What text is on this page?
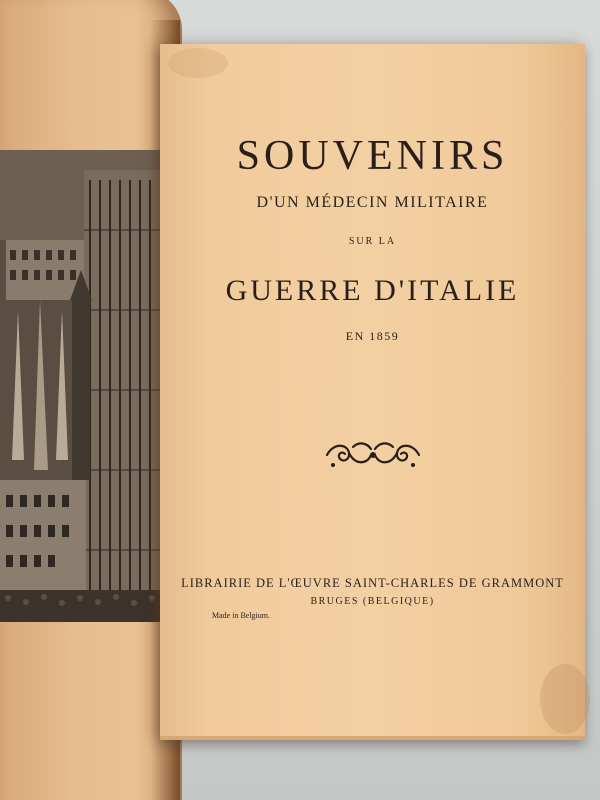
SOUVENIRS
D'UN MÉDECIN MILITAIRE
SUR LA
GUERRE D'ITALIE
EN 1859
LIBRAIRIE DE L'ŒUVRE SAINT-CHARLES DE GRAMMONT
BRUGES (BELGIQUE)
Made in Belgium.
